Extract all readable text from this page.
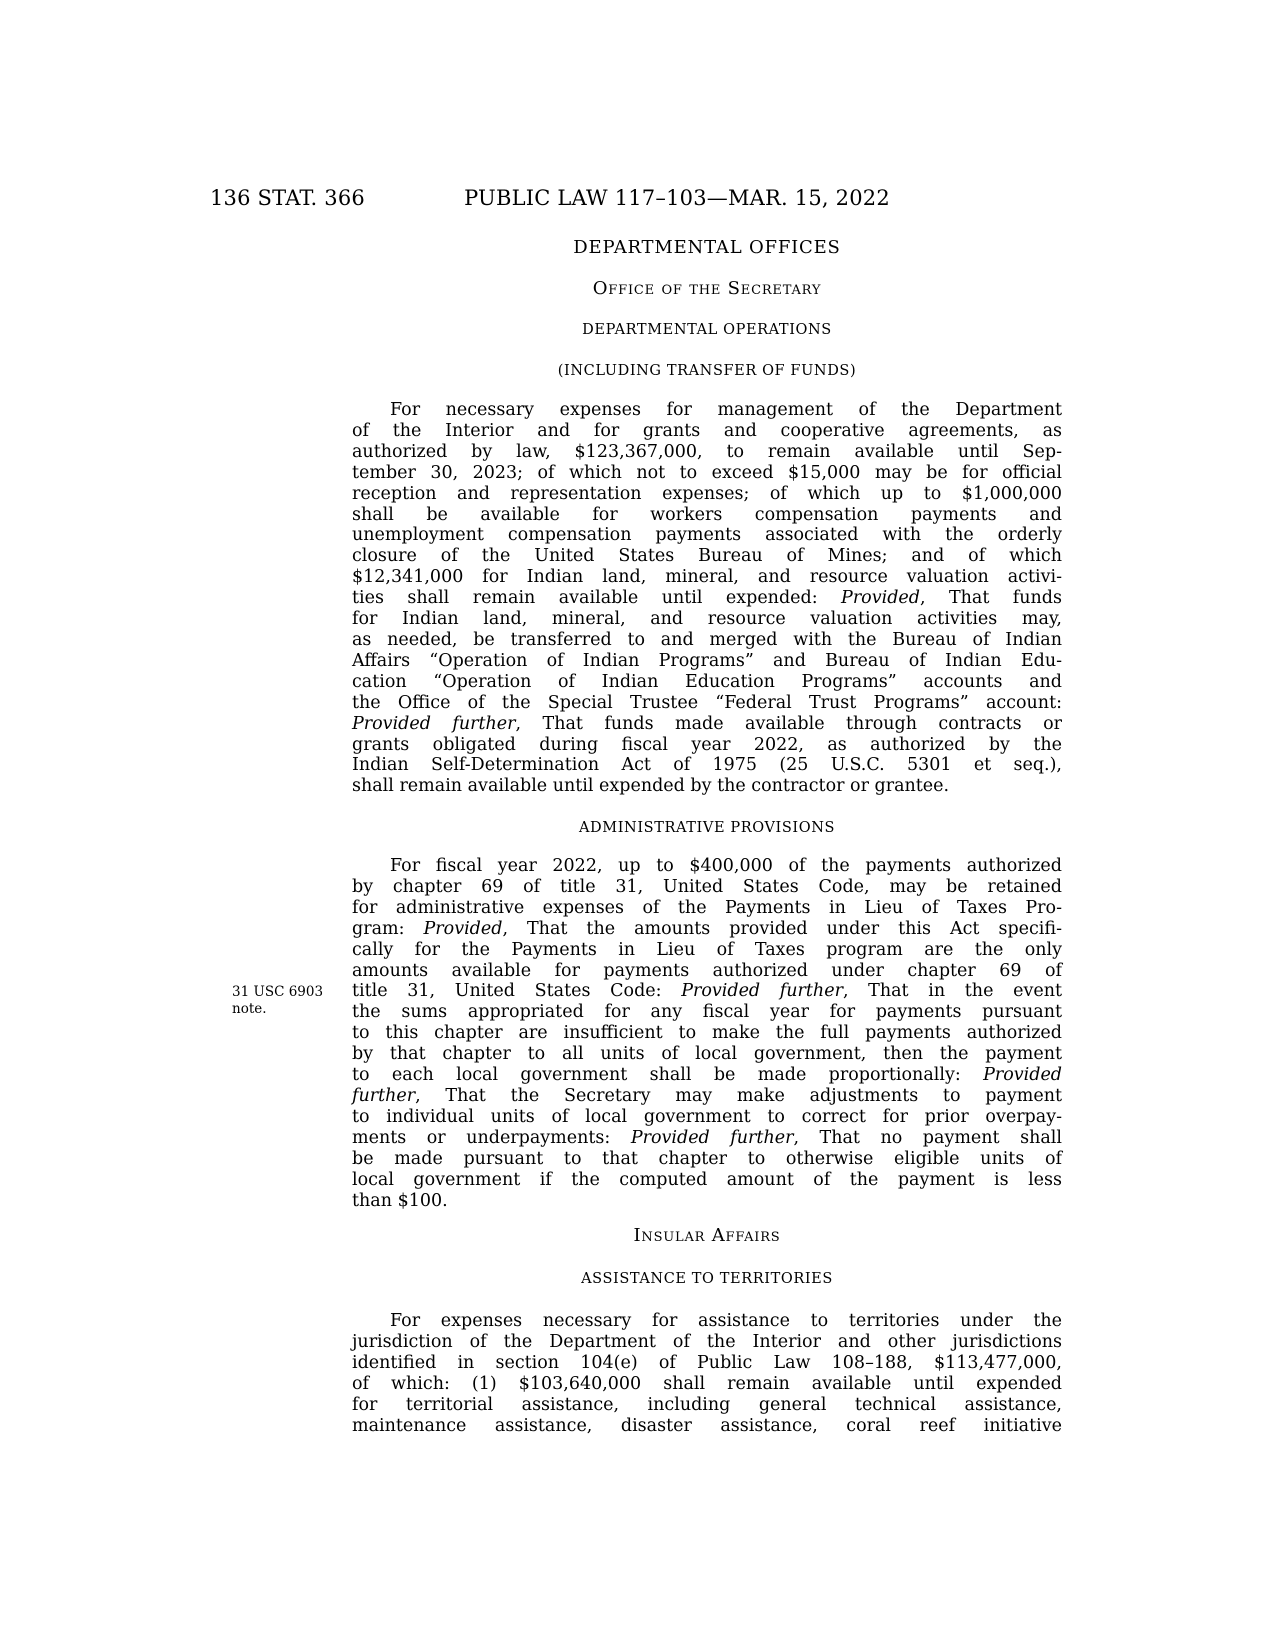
136 STAT. 366	PUBLIC LAW 117–103—MAR. 15, 2022
DEPARTMENTAL OFFICES
Office of the Secretary
DEPARTMENTAL OPERATIONS
(INCLUDING TRANSFER OF FUNDS)
For necessary expenses for management of the Department
of the Interior and for grants and cooperative agreements, as
authorized by law, $123,367,000, to remain available until Sep-
tember 30, 2023; of which not to exceed $15,000 may be for official
reception and representation expenses; of which up to $1,000,000
shall be available for workers compensation payments and
unemployment compensation payments associated with the orderly
closure of the United States Bureau of Mines; and of which
$12,341,000 for Indian land, mineral, and resource valuation activi-
ties shall remain available until expended: Provided, That funds
for Indian land, mineral, and resource valuation activities may,
as needed, be transferred to and merged with the Bureau of Indian
Affairs “Operation of Indian Programs” and Bureau of Indian Edu-
cation “Operation of Indian Education Programs” accounts and
the Office of the Special Trustee “Federal Trust Programs” account:
Provided further, That funds made available through contracts or
grants obligated during fiscal year 2022, as authorized by the
Indian Self-Determination Act of 1975 (25 U.S.C. 5301 et seq.),
shall remain available until expended by the contractor or grantee.
ADMINISTRATIVE PROVISIONS
For fiscal year 2022, up to $400,000 of the payments authorized
by chapter 69 of title 31, United States Code, may be retained
for administrative expenses of the Payments in Lieu of Taxes Pro-
gram: Provided, That the amounts provided under this Act specifi-
cally for the Payments in Lieu of Taxes program are the only
amounts available for payments authorized under chapter 69 of
title 31, United States Code: Provided further, That in the event
the sums appropriated for any fiscal year for payments pursuant
to this chapter are insufficient to make the full payments authorized
by that chapter to all units of local government, then the payment
to each local government shall be made proportionally: Provided
further, That the Secretary may make adjustments to payment
to individual units of local government to correct for prior overpay-
ments or underpayments: Provided further, That no payment shall
be made pursuant to that chapter to otherwise eligible units of
local government if the computed amount of the payment is less
than $100.
31 USC 6903
note.
Insular Affairs
ASSISTANCE TO TERRITORIES
For expenses necessary for assistance to territories under the
jurisdiction of the Department of the Interior and other jurisdictions
identified in section 104(e) of Public Law 108–188, $113,477,000,
of which: (1) $103,640,000 shall remain available until expended
for territorial assistance, including general technical assistance,
maintenance assistance, disaster assistance, coral reef initiative
